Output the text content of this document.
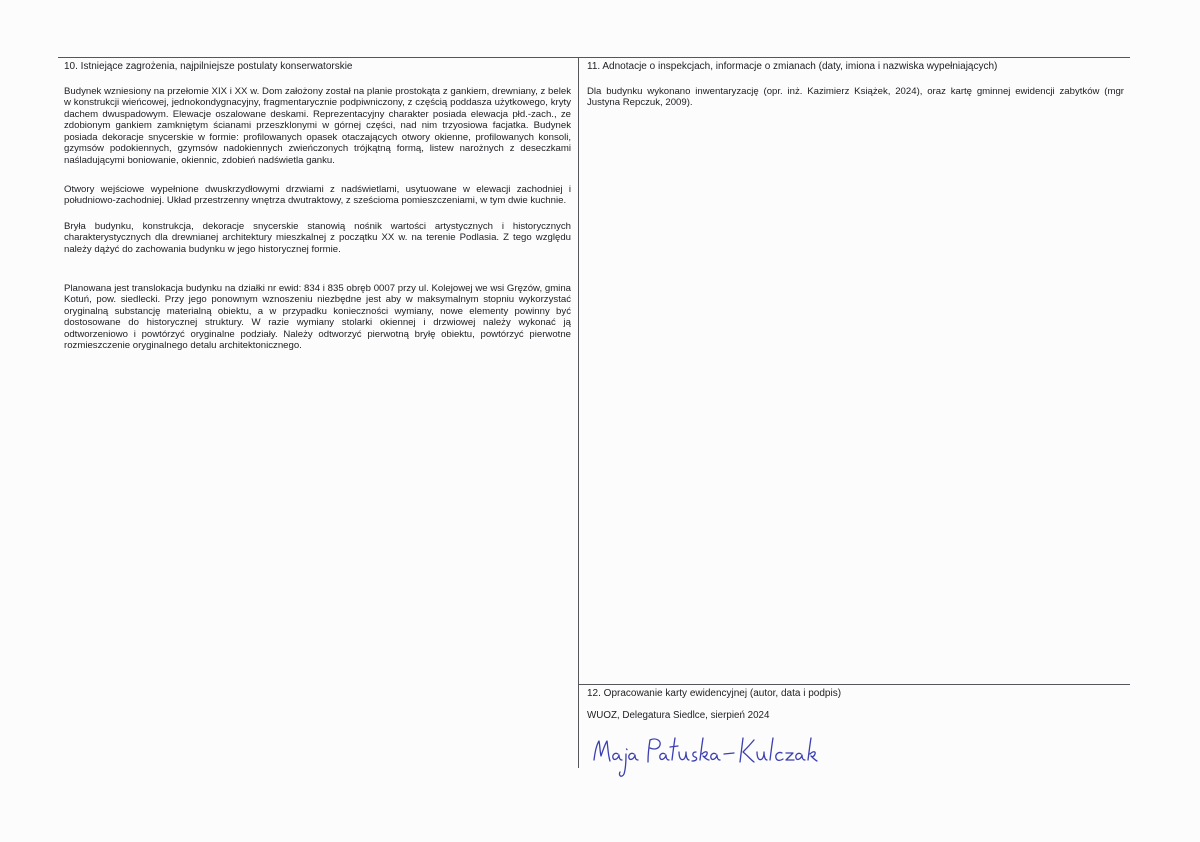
10. Istniejące zagrożenia, najpilniejsze postulaty konserwatorskie
Budynek wzniesiony na przełomie XIX i XX w. Dom założony został na planie prostokąta z gankiem, drewniany, z belek w konstrukcji wieńcowej, jednokondygnacyjny, fragmentarycznie podpiwniczony, z częścią poddasza użytkowego, kryty dachem dwuspadowym. Elewacje oszalowane deskami. Reprezentacyjny charakter posiada elewacja płd.-zach., ze zdobionym gankiem zamkniętym ścianami przeszklonymi w górnej części, nad nim trzyosiowa facjatka. Budynek posiada dekoracje snycerskie w formie: profilowanych opasek otaczających otwory okienne, profilowanych konsoli, gzymsów podokiennych, gzymsów nadokiennych zwieńczonych trójkątną formą, listew narożnych z deseczkami naśladującymi boniowanie, okiennic, zdobień nadświetla ganku.
Otwory wejściowe wypełnione dwuskrzydłowymi drzwiami z nadświetlami, usytuowane w elewacji zachodniej i południowo-zachodniej. Układ przestrzenny wnętrza dwutraktowy, z sześcioma pomieszczeniami, w tym dwie kuchnie.
Bryła budynku, konstrukcja, dekoracje snycerskie stanowią nośnik wartości artystycznych i historycznych charakterystycznych dla drewnianej architektury mieszkalnej z początku XX w. na terenie Podlasia. Z tego względu należy dążyć do zachowania budynku w jego historycznej formie.
Planowana jest translokacja budynku na działki nr ewid: 834 i 835 obręb 0007 przy ul. Kolejowej we wsi Gręzów, gmina Kotuń, pow. siedlecki. Przy jego ponownym wznoszeniu niezbędne jest aby w maksymalnym stopniu wykorzystać oryginalną substancję materialną obiektu, a w przypadku konieczności wymiany, nowe elementy powinny być dostosowane do historycznej struktury. W razie wymiany stolarki okiennej i drzwiowej należy wykonać ją odtworzeniowo i powtórzyć oryginalne podziały. Należy odtworzyć pierwotną bryłę obiektu, powtórzyć pierwotne rozmieszczenie oryginalnego detalu architektonicznego.
11. Adnotacje o inspekcjach, informacje o zmianach (daty, imiona i nazwiska wypełniających)
Dla budynku wykonano inwentaryzację (opr. inż. Kazimierz Książek, 2024), oraz kartę gminnej ewidencji zabytków (mgr Justyna Repczuk, 2009).
12. Opracowanie karty ewidencyjnej (autor, data i podpis)
WUOZ, Delegatura Siedlce, sierpień 2024
